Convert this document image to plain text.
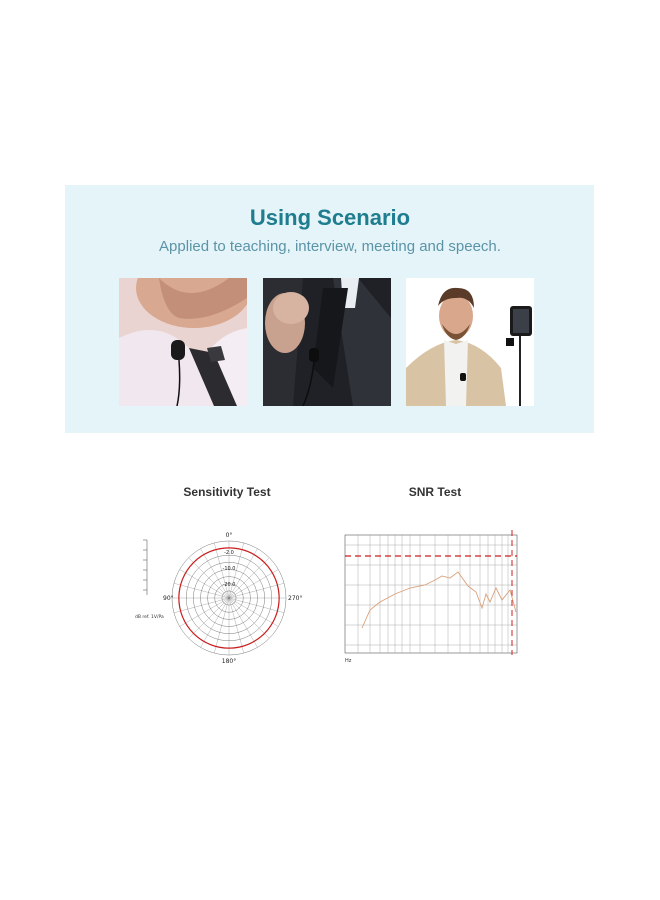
Using Scenario
Applied to teaching, interview, meeting and speech.
Sensitivity Test	SNR Test
0°
90°	270°
180°
-2.0
-10.0
-20.0
dB ref. 1V/Pa
Hz
